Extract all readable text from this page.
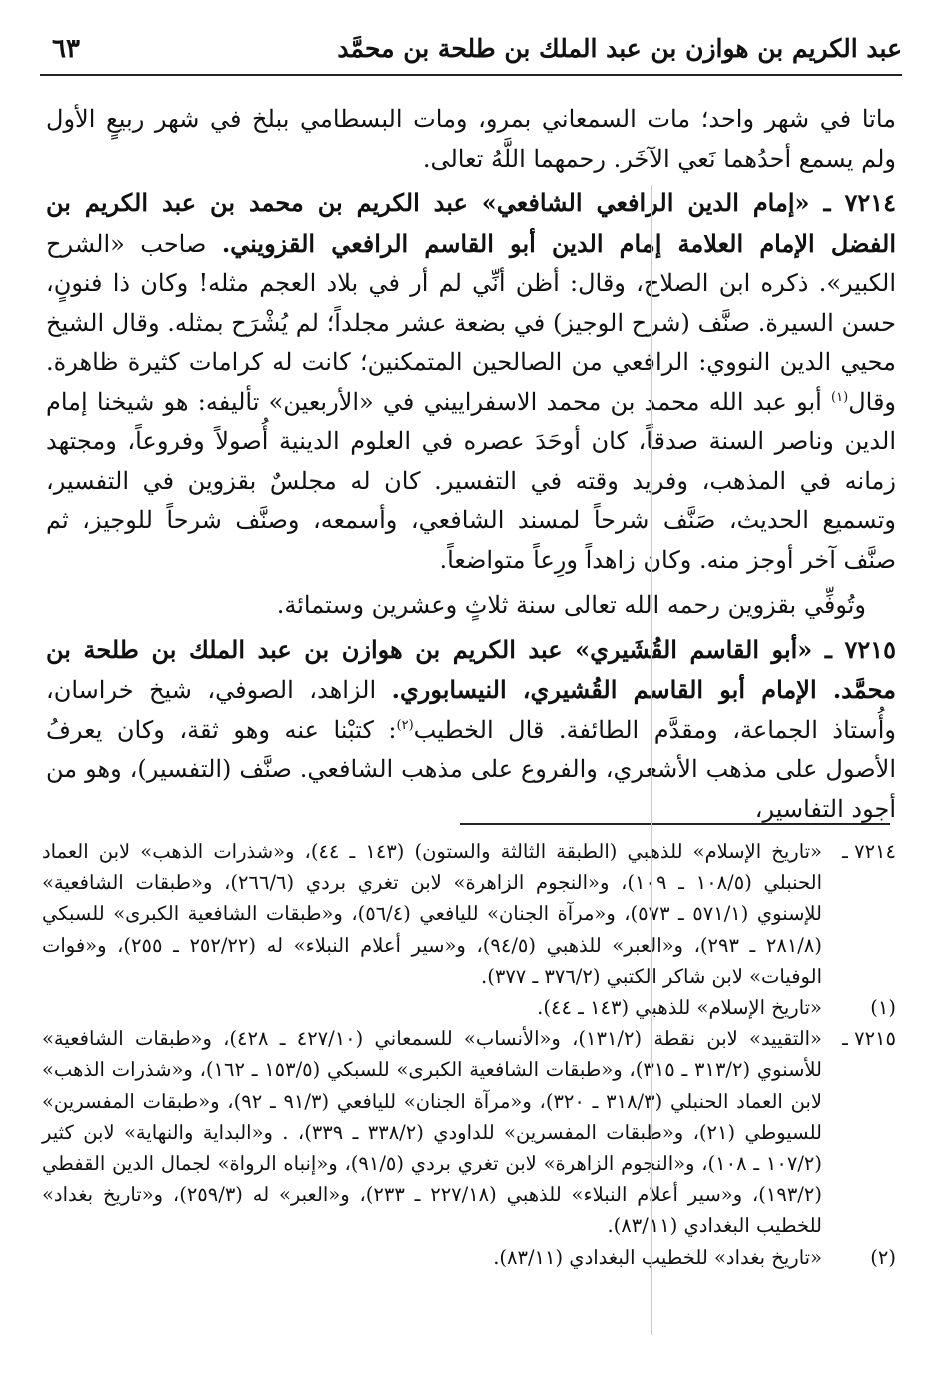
عبد الكريم بن هوازن بن عبد الملك بن طلحة بن محمَّد
٦٣

ماتا في شهر واحد؛ مات السمعاني بمرو، ومات البسطامي ببلخ في شهر ربيعٍ الأول ولم يسمع أحدُهما نَعي الآخَر. رحمهما اللَّهُ تعالى.

٧٢١٤ ـ «إمام الدين الرافعي الشافعي» عبد الكريم بن محمد بن عبد الكريم بن الفضل الإمام العلامة إمام الدين أبو القاسم الرافعي القزويني. صاحب «الشرح الكبير». ذكره ابن الصلاح، وقال: أظن أنِّي لم أر في بلاد العجم مثله! وكان ذا فنونٍ، حسن السيرة. صنَّف (شرح الوجيز) في بضعة عشر مجلداً؛ لم يُشْرَح بمثله. وقال الشيخ محيي الدين النووي: الرافعي من الصالحين المتمكنين؛ كانت له كرامات كثيرة ظاهرة. وقال$^{(١)}$ أبو عبد الله محمد بن محمد الاسفراييني في «الأربعين» تأليفه: هو شيخنا إمام الدين وناصر السنة صدقاً، كان أوحَدَ عصره في العلوم الدينية أُصولاً وفروعاً، ومجتهد زمانه في المذهب، وفريد وقته في التفسير. كان له مجلسٌ بقزوين في التفسير، وتسميع الحديث، صَنَّف شرحاً لمسند الشافعي، وأسمعه، وصنَّف شرحاً للوجيز، ثم صنَّف آخر أوجز منه. وكان زاهداً ورِعاً متواضعاً.

وتُوفِّي بقزوين رحمه الله تعالى سنة ثلاثٍ وعشرين وستمائة.

٧٢١٥ ـ «أبو القاسم القُشَيري» عبد الكريم بن هوازن بن عبد الملك بن طلحة بن محمَّد. الإمام أبو القاسم القُشيري، النيسابوري. الزاهد، الصوفي، شيخ خراسان، وأُستاذ الجماعة، ومقدَّم الطائفة. قال الخطيب$^{(٢)}$: كتبْنا عنه وهو ثقة، وكان يعرفُ الأصول على مذهب الأشعري، والفروع على مذهب الشافعي. صنَّف (التفسير)، وهو من أجود التفاسير،

٧٢١٤ ـ
«تاريخ الإسلام» للذهبي (الطبقة الثالثة والستون) (١٤٣ ـ ٤٤)، و«شذرات الذهب» لابن العماد الحنبلي (١٠٨/٥ ـ ١٠٩)، و«النجوم الزاهرة» لابن تغري بردي (٢٦٦/٦)، و«طبقات الشافعية» للإسنوي (٥٧١/١ ـ ٥٧٣)، و«مرآة الجنان» لليافعي (٥٦/٤)، و«طبقات الشافعية الكبرى» للسبكي (٢٨١/٨ ـ ٢٩٣)، و«العبر» للذهبي (٩٤/٥)، و«سير أعلام النبلاء» له (٢٥٢/٢٢ ـ ٢٥٥)، و«فوات الوفيات» لابن شاكر الكتبي (٣٧٦/٢ ـ ٣٧٧).
(١)
«تاريخ الإسلام» للذهبي (١٤٣ ـ ٤٤).
٧٢١٥ ـ
«التقييد» لابن نقطة (١٣١/٢)، و«الأنساب» للسمعاني (٤٢٧/١٠ ـ ٤٢٨)، و«طبقات الشافعية» للأسنوي (٣١٣/٢ ـ ٣١٥)، و«طبقات الشافعية الكبرى» للسبكي (١٥٣/٥ ـ ١٦٢)، و«شذرات الذهب» لابن العماد الحنبلي (٣١٨/٣ ـ ٣٢٠)، و«مرآة الجنان» لليافعي (٩١/٣ ـ ٩٢)، و«طبقات المفسرين» للسيوطي (٢١)، و«طبقات المفسرين» للداودي (٣٣٨/٢ ـ ٣٣٩)، . و«البداية والنهاية» لابن كثير (١٠٧/٢ ـ ١٠٨)، و«النجوم الزاهرة» لابن تغري بردي (٩١/٥)، و«إنباه الرواة» لجمال الدين القفطي (١٩٣/٢)، و«سير أعلام النبلاء» للذهبي (٢٢٧/١٨ ـ ٢٣٣)، و«العبر» له (٢٥٩/٣)، و«تاريخ بغداد» للخطيب البغدادي (٨٣/١١).
(٢)
«تاريخ بغداد» للخطيب البغدادي (٨٣/١١).
